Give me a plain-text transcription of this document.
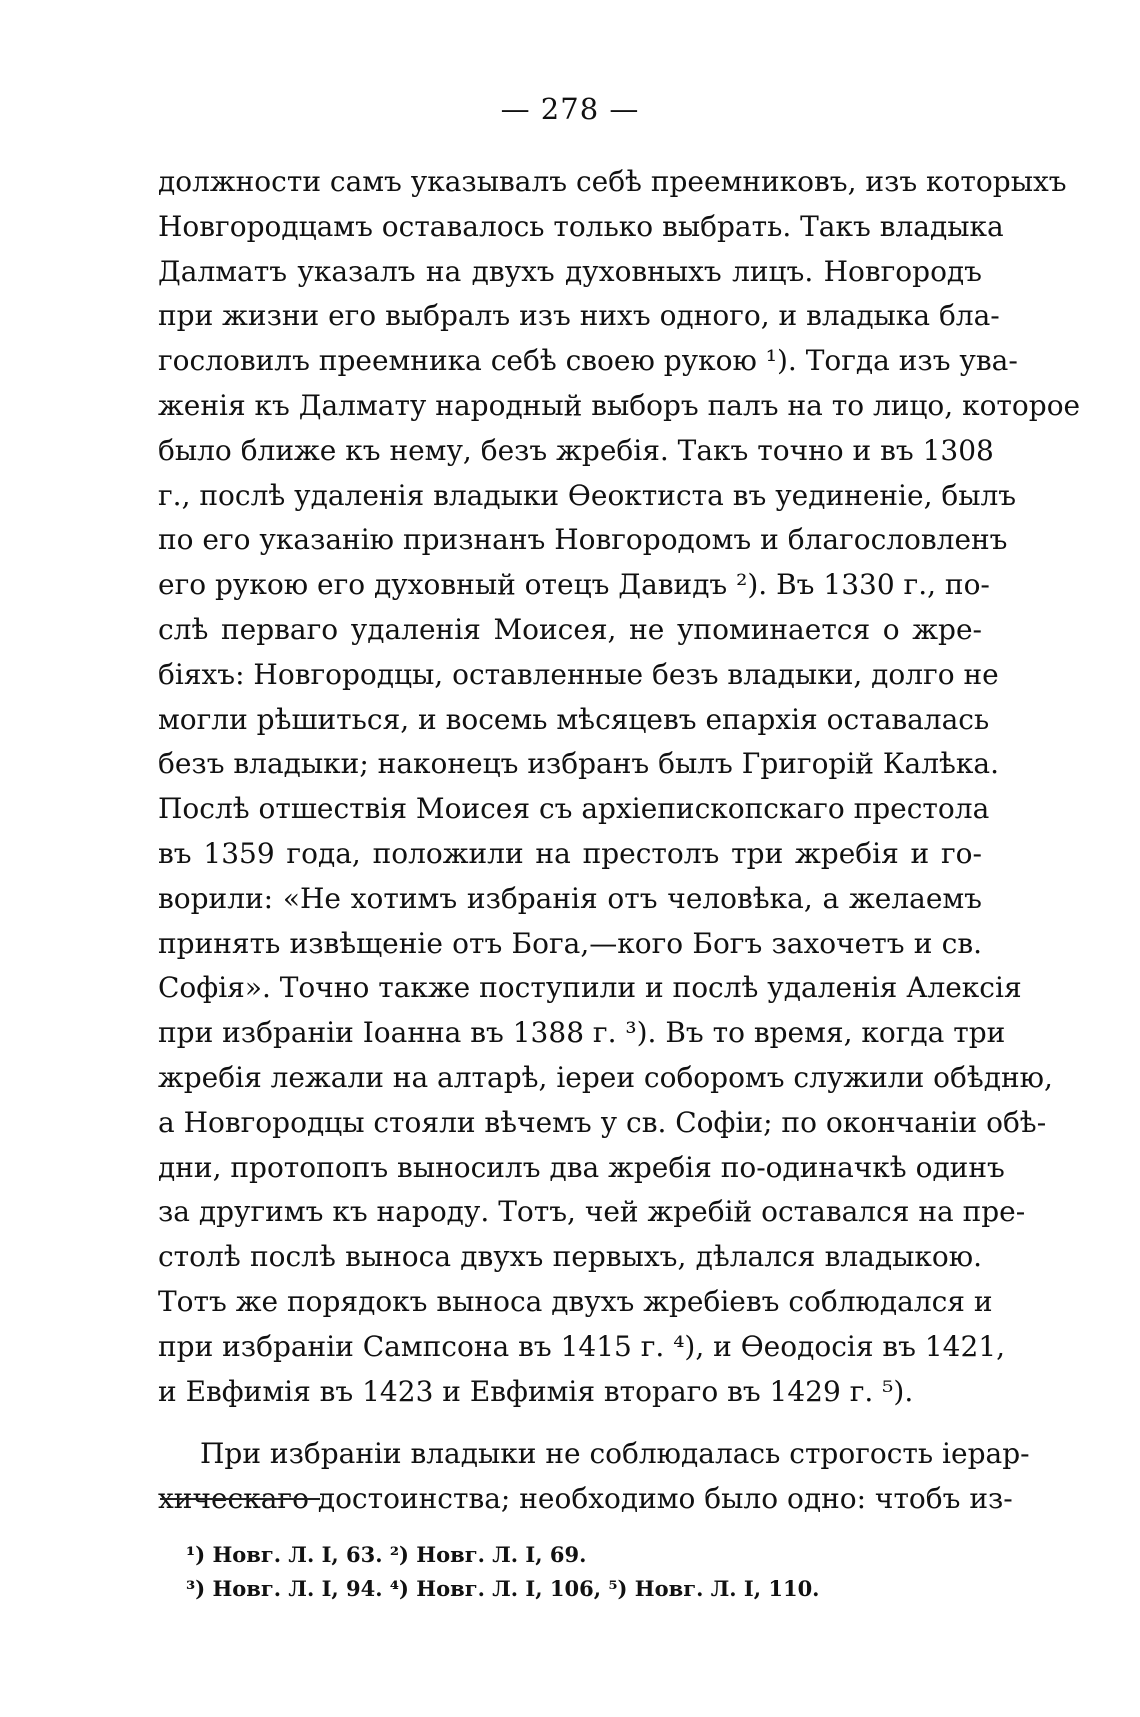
— 278 —
должности самъ указывалъ себѣ преемниковъ, изъ которыхъ
Новгородцамъ оставалось только выбрать. Такъ владыка
Далматъ указалъ на двухъ духовныхъ лицъ. Новгородъ
при жизни его выбралъ изъ нихъ одного, и владыка бла-
гословилъ преемника себѣ своею рукою ¹). Тогда изъ ува-
женія къ Далмату народный выборъ палъ на то лицо, которое
было ближе къ нему, безъ жребія. Такъ точно и въ 1308
г., послѣ удаленія владыки Ѳеоктиста въ уединеніе, былъ
по его указанію признанъ Новгородомъ и благословленъ
его рукою его духовный отецъ Давидъ ²). Въ 1330 г., по-
слѣ перваго удаленія Моисея, не упоминается о жре-
біяхъ: Новгородцы, оставленные безъ владыки, долго не
могли рѣшиться, и восемь мѣсяцевъ епархія оставалась
безъ владыки; наконецъ избранъ былъ Григорій Калѣка.
Послѣ отшествія Моисея съ архіепископскаго престола
въ 1359 года, положили на престолъ три жребія и го-
ворили: «Не хотимъ избранія отъ человѣка, а желаемъ
принять извѣщеніе отъ Бога,—кого Богъ захочетъ и св.
Софія». Точно также поступили и послѣ удаленія Алексія
при избраніи Іоанна въ 1388 г. ³). Въ то время, когда три
жребія лежали на алтарѣ, іереи соборомъ служили обѣдню,
а Новгородцы стояли вѣчемъ у св. Софіи; по окончаніи обѣ-
дни, протопопъ выносилъ два жребія по-одиначкѣ одинъ
за другимъ къ народу. Тотъ, чей жребій оставался на пре-
столѣ послѣ выноса двухъ первыхъ, дѣлался владыкою.
Тотъ же порядокъ выноса двухъ жребіевъ соблюдался и
при избраніи Сампсона въ 1415 г. ⁴), и Ѳеодосія въ 1421,
и Евфимія въ 1423 и Евфимія втораго въ 1429 г. ⁵).
При избраніи владыки не соблюдалась строгость іерар-
хическаго достоинства; необходимо было одно: чтобъ из-
¹) Новг. Л. I, 63. ²) Новг. Л. I, 69.
³) Новг. Л. I, 94. ⁴) Новг. Л. I, 106, ⁵) Новг. Л. I, 110.
